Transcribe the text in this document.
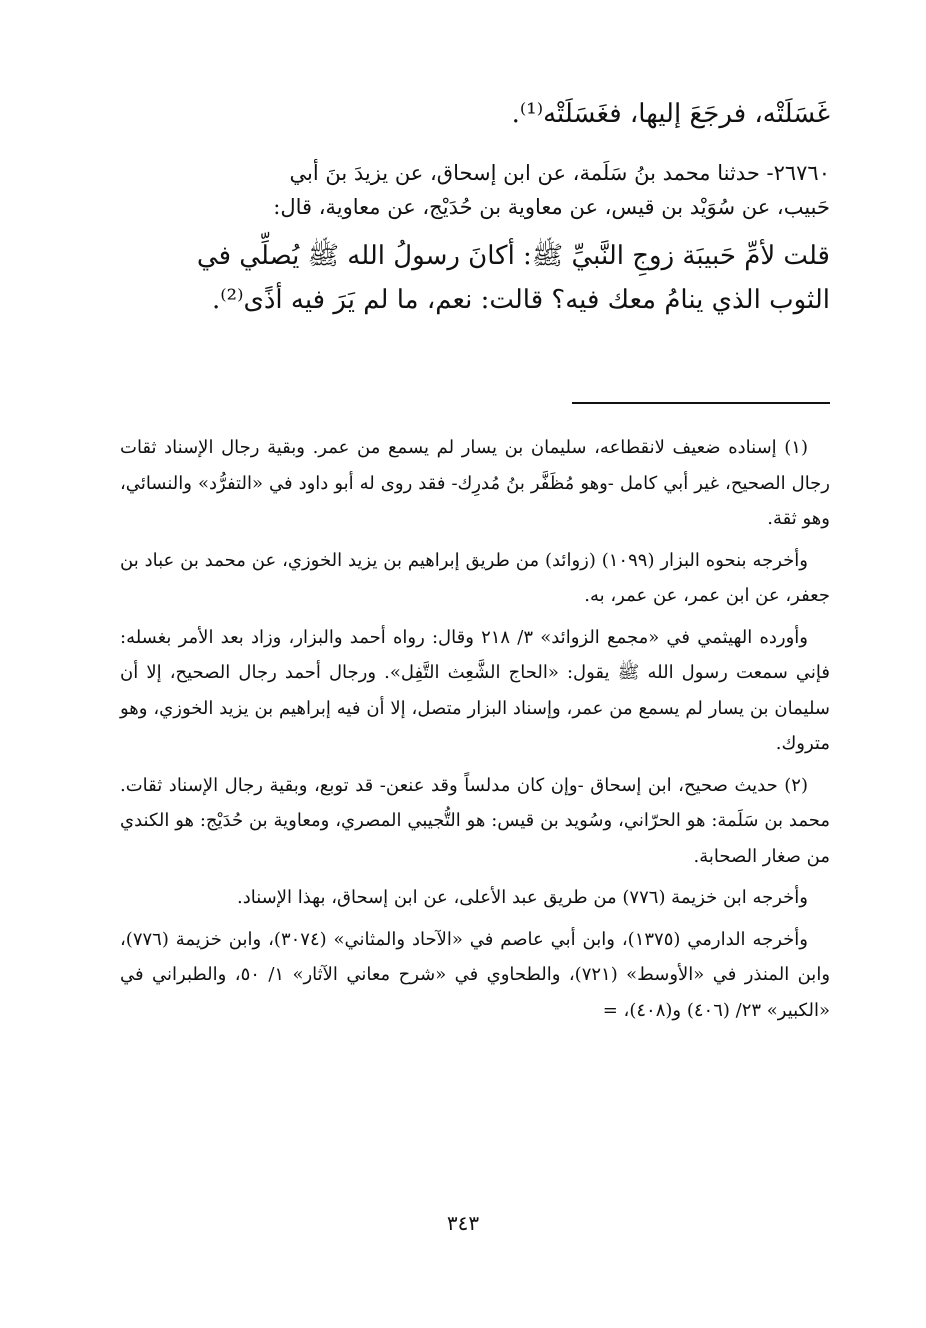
غَسَلَتْه، فرجَعَ إليها، فغَسَلَتْه⁽¹⁾.

٢٦٧٦٠- حدثنا محمد بنُ سَلَمة، عن ابن إسحاق، عن يزيدَ بنَ أبي

حَبيب، عن سُوَيْد بن قيس، عن معاوية بن حُدَيْج، عن معاوية، قال:

قلت لأمِّ حَبيبَة زوجِ النَّبيِّ ﷺ: أكانَ رسولُ الله ﷺ يُصلِّي في

الثوب الذي ينامُ معك فيه؟ قالت: نعم، ما لم يَرَ فيه أذًى⁽²⁾.

(١) إسناده ضعيف لانقطاعه، سليمان بن يسار لم يسمع من عمر. وبقية رجال الإسناد ثقات رجال الصحيح، غير أبي كامل -وهو مُظَفَّر بنُ مُدرِك- فقد روى له أبو داود في «التفرُّد» والنسائي، وهو ثقة.

وأخرجه بنحوه البزار (١٠٩٩) (زوائد) من طريق إبراهيم بن يزيد الخوزي، عن محمد بن عباد بن جعفر، عن ابن عمر، عن عمر، به.

وأورده الهيثمي في «مجمع الزوائد» ٣/ ٢١٨ وقال: رواه أحمد والبزار، وزاد بعد الأمر بغسله: فإني سمعت رسول الله ﷺ يقول: «الحاج الشَّعِث التَّفِل». ورجال أحمد رجال الصحيح، إلا أن سليمان بن يسار لم يسمع من عمر، وإسناد البزار متصل، إلا أن فيه إبراهيم بن يزيد الخوزي، وهو متروك.

(٢) حديث صحيح، ابن إسحاق -وإن كان مدلساً وقد عنعن- قد توبع، وبقية رجال الإسناد ثقات. محمد بن سَلَمة: هو الحرّاني، وسُويد بن قيس: هو التُّجيبي المصري، ومعاوية بن حُدَيْج: هو الكندي من صغار الصحابة.

وأخرجه ابن خزيمة (٧٧٦) من طريق عبد الأعلى، عن ابن إسحاق، بهذا الإسناد.

وأخرجه الدارمي (١٣٧٥)، وابن أبي عاصم في «الآحاد والمثاني» (٣٠٧٤)، وابن خزيمة (٧٧٦)، وابن المنذر في «الأوسط» (٧٢١)، والطحاوي في «شرح معاني الآثار» ١/ ٥٠، والطبراني في «الكبير» ٢٣/ (٤٠٦) و(٤٠٨)، =

٣٤٣
